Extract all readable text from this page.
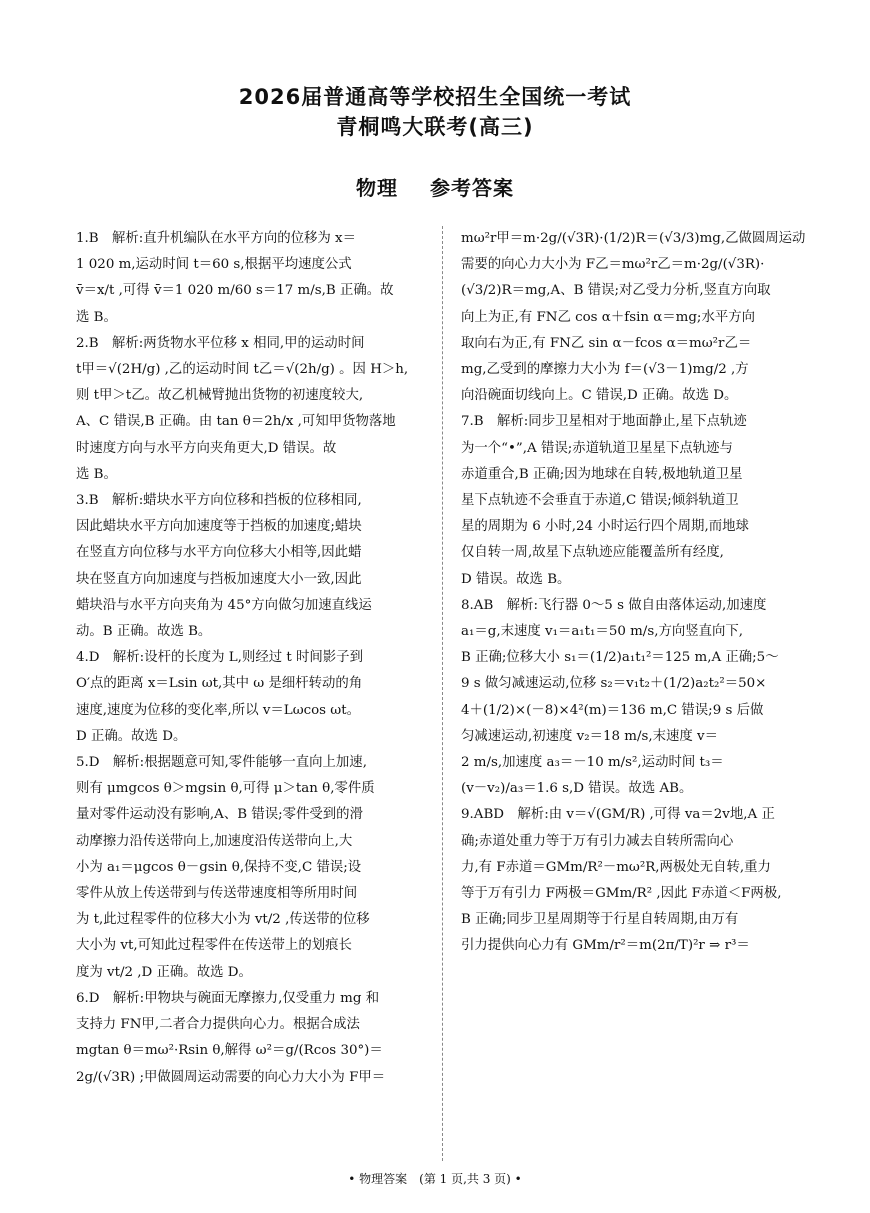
2026届普通高等学校招生全国统一考试
青桐鸣大联考(高三)
物理 参考答案
1.B　解析:直升机编队在水平方向的位移为 x＝
1 020 m,运动时间 t＝60 s,根据平均速度公式
v̄＝x/t ,可得 v̄＝1 020 m/60 s＝17 m/s,B 正确。故
选 B。
2.B　解析:两货物水平位移 x 相同,甲的运动时间
t甲＝√(2H/g) ,乙的运动时间 t乙＝√(2h/g) 。因 H＞h,
则 t甲＞t乙。故乙机械臂抛出货物的初速度较大,
A、C 错误,B 正确。由 tan θ＝2h/x ,可知甲货物落地
时速度方向与水平方向夹角更大,D 错误。故
选 B。
3.B　解析:蜡块水平方向位移和挡板的位移相同,
因此蜡块水平方向加速度等于挡板的加速度;蜡块
在竖直方向位移与水平方向位移大小相等,因此蜡
块在竖直方向加速度与挡板加速度大小一致,因此
蜡块沿与水平方向夹角为 45°方向做匀加速直线运
动。B 正确。故选 B。
4.D　解析:设杆的长度为 L,则经过 t 时间影子到
O′点的距离 x＝Lsin ωt,其中 ω 是细杆转动的角
速度,速度为位移的变化率,所以 v＝Lωcos ωt。
D 正确。故选 D。
5.D　解析:根据题意可知,零件能够一直向上加速,
则有 μmgcos θ＞mgsin θ,可得 μ＞tan θ,零件质
量对零件运动没有影响,A、B 错误;零件受到的滑
动摩擦力沿传送带向上,加速度沿传送带向上,大
小为 a₁＝μgcos θ－gsin θ,保持不变,C 错误;设
零件从放上传送带到与传送带速度相等所用时间
为 t,此过程零件的位移大小为 vt/2 ,传送带的位移
大小为 vt,可知此过程零件在传送带上的划痕长
度为 vt/2 ,D 正确。故选 D。
6.D　解析:甲物块与碗面无摩擦力,仅受重力 mg 和
支持力 FN甲,二者合力提供向心力。根据合成法
mgtan θ＝mω²·Rsin θ,解得 ω²＝g/(Rcos 30°)＝
2g/(√3R) ;甲做圆周运动需要的向心力大小为 F甲＝
mω²r甲＝m·2g/(√3R)·(1/2)R＝(√3/3)mg,乙做圆周运动
需要的向心力大小为 F乙＝mω²r乙＝m·2g/(√3R)·
(√3/2)R＝mg,A、B 错误;对乙受力分析,竖直方向取
向上为正,有 FN乙 cos α＋fsin α＝mg;水平方向
取向右为正,有 FN乙 sin α－fcos α＝mω²r乙＝
mg,乙受到的摩擦力大小为 f＝(√3－1)mg/2 ,方
向沿碗面切线向上。C 错误,D 正确。故选 D。
7.B　解析:同步卫星相对于地面静止,星下点轨迹
为一个“•”,A 错误;赤道轨道卫星星下点轨迹与
赤道重合,B 正确;因为地球在自转,极地轨道卫星
星下点轨迹不会垂直于赤道,C 错误;倾斜轨道卫
星的周期为 6 小时,24 小时运行四个周期,而地球
仅自转一周,故星下点轨迹应能覆盖所有经度,
D 错误。故选 B。
8.AB　解析:飞行器 0～5 s 做自由落体运动,加速度
a₁＝g,末速度 v₁＝a₁t₁＝50 m/s,方向竖直向下,
B 正确;位移大小 s₁＝(1/2)a₁t₁²＝125 m,A 正确;5～
9 s 做匀减速运动,位移 s₂＝v₁t₂＋(1/2)a₂t₂²＝50×
4＋(1/2)×(－8)×4²(m)＝136 m,C 错误;9 s 后做
匀减速运动,初速度 v₂＝18 m/s,末速度 v＝
2 m/s,加速度 a₃＝－10 m/s²,运动时间 t₃＝
(v－v₂)/a₃＝1.6 s,D 错误。故选 AB。
9.ABD　解析:由 v＝√(GM/R) ,可得 va＝2v地,A 正
确;赤道处重力等于万有引力减去自转所需向心
力,有 F赤道＝GMm/R²－mω²R,两极处无自转,重力
等于万有引力 F两极＝GMm/R² ,因此 F赤道＜F两极,
B 正确;同步卫星周期等于行星自转周期,由万有
引力提供向心力有 GMm/r²＝m(2π/T)²r ⇒ r³＝
• 物理答案　(第 1 页,共 3 页) •
